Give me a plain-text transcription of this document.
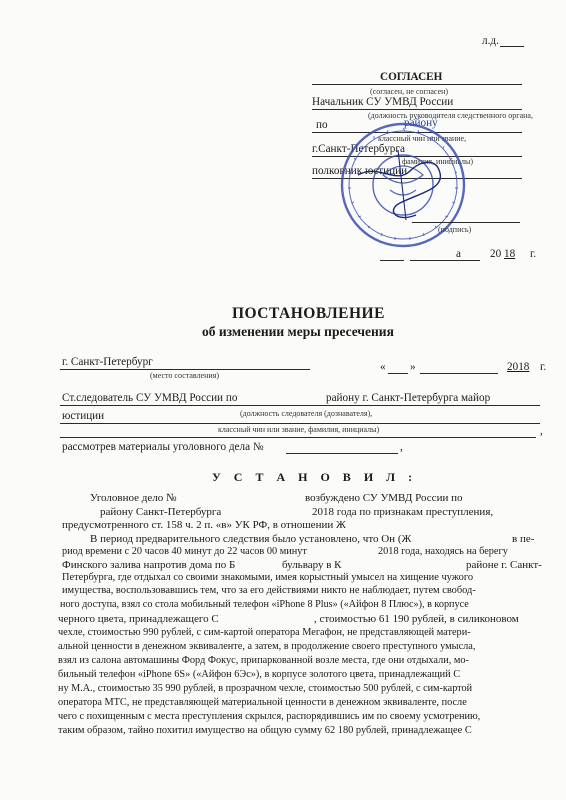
л.д.
СОГЛАСЕН
(согласен, не согласен)
Начальник СУ УМВД России
(должность руководителя следственного органа,
по	району
классный чин или звание,
г.Санкт-Петербурга
фамилия, инициалы)
полковник юстиции
(подпись)
а	20 18 г.
ПОСТАНОВЛЕНИЕ
об изменении меры пресечения
г. Санкт-Петербург
(место составления)
« »	2018 г.
Ст.следователь СУ УМВД России по	району г. Санкт-Петербурга майор
юстиции	(должность следователя (дознавателя),
классный чин или звание, фамилия, инициалы)	,
рассмотрев материалы уголовного дела №	,
У С Т А Н О В И Л :
Уголовное дело №	возбуждено СУ УМВД России по
району Санкт-Петербурга	2018 года по признакам преступления,
предусмотренного ст. 158 ч. 2 п. «в» УК РФ, в отношении Ж
В период предварительного следствия было установлено, что Он (Ж	в пе-
риод времени с 20 часов 40 минут до 22 часов 00 минут	2018 года, находясь на берегу
Финского залива напротив дома по Б	бульвару в К	районе г. Санкт-
Петербурга, где отдыхал со своими знакомыми, имея корыстный умысел на хищение чужого
имущества, воспользовавшись тем, что за его действиями никто не наблюдает, путем свобод-
ного доступа, взял со стола мобильный телефон «iPhone 8 Plus» («Айфон 8 Плюс»), в корпусе
черного цвета, принадлежащего С	, стоимостью 61 190 рублей, в силиконовом
чехле, стоимостью 990 рублей, с сим-картой оператора Мегафон, не представляющей матери-
альной ценности в денежном эквиваленте, а затем, в продолжение своего преступного умысла,
взял из салона автомашины Форд Фокус, припаркованной возле места, где они отдыхали, мо-
бильный телефон «iPhone 6S» («Айфон 6Эс»), в корпусе золотого цвета, принадлежащий С
ну М.А., стоимостью 35 990 рублей, в прозрачном чехле, стоимостью 500 рублей, с сим-картой
оператора МТС, не представляющей материальной ценности в денежном эквиваленте, после
чего с похищенным с места преступления скрылся, распорядившись им по своему усмотрению,
таким образом, тайно похитил имущество на общую сумму 62 180 рублей, принадлежащее С
